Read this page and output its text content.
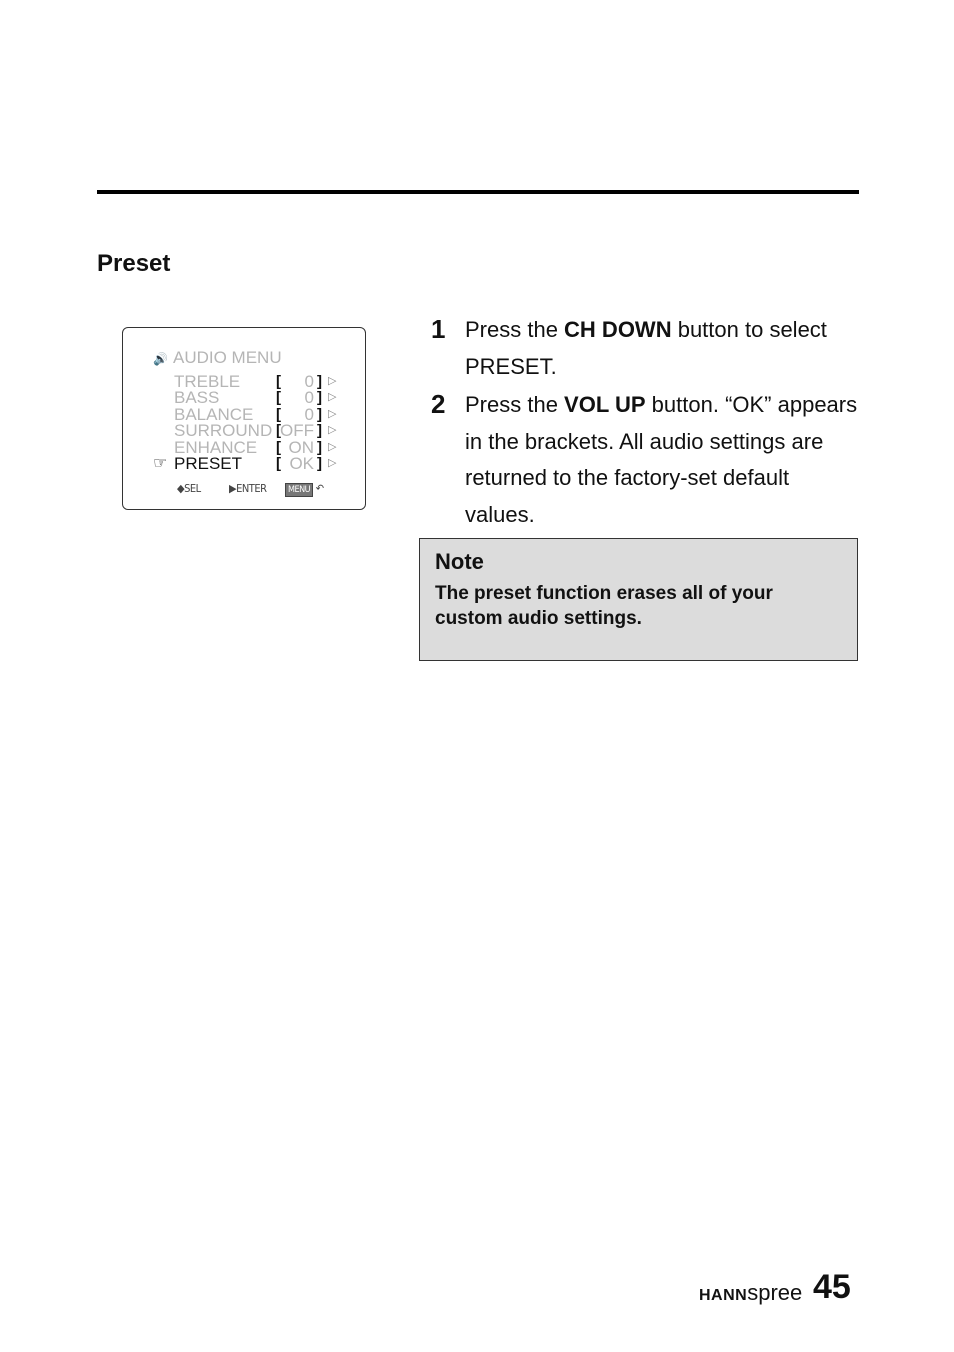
Preset
🔊 AUDIO MENU
TREBLE	[ 0 ] ▷
BASS	[ 0 ] ▷
BALANCE	[ 0 ] ▷
SURROUND [ OFF ] ▷
ENHANCE	[ ON ] ▷
☞ PRESET	[ OK ] ▷
◆SEL	▶ENTER	MENU ↶
1 Press the CH DOWN button to select PRESET.
2 Press the VOL UP button. “OK” appears in the brackets. All audio settings are returned to the factory-set default values.
Note
The preset function erases all of your custom audio settings.
HANNspree 45
